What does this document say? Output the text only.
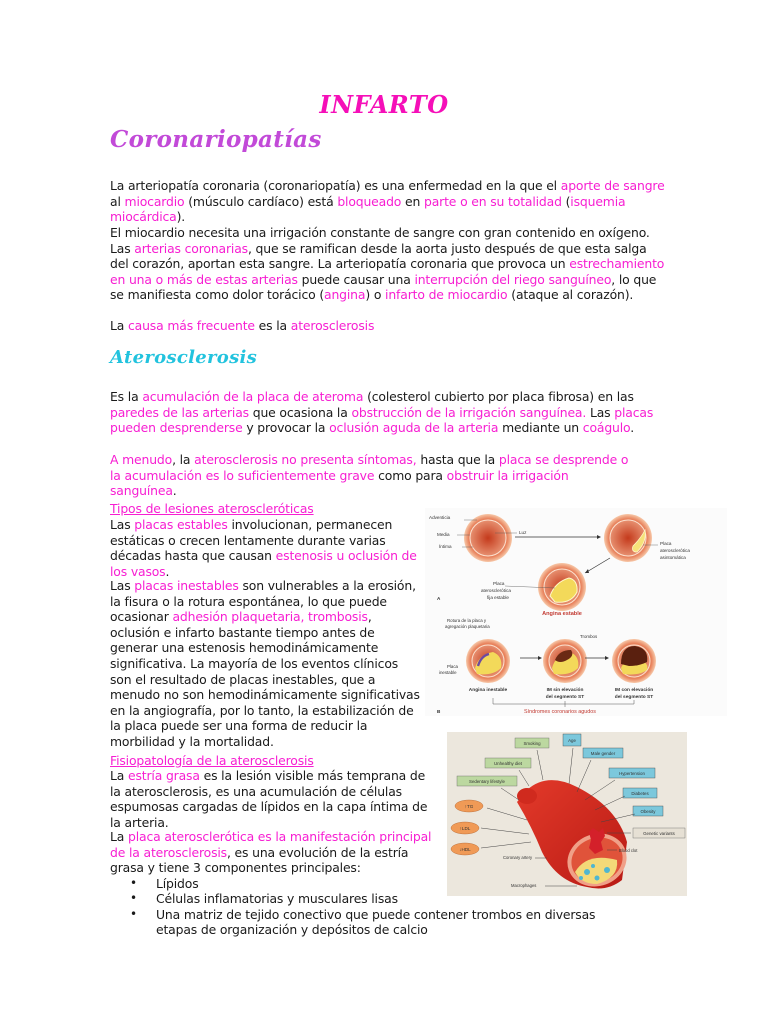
INFARTO
Coronariopatías

La arteriopatía coronaria (coronariopatía) es una enfermedad en la que el aporte de sangre al miocardio (músculo cardíaco) está bloqueado en parte o en su totalidad (isquemia miocárdica).

El miocardio necesita una irrigación constante de sangre con gran contenido en oxígeno. Las arterias coronarias, que se ramifican desde la aorta justo después de que esta salga del corazón, aportan esta sangre. La arteriopatía coronaria que provoca un estrechamiento en una o más de estas arterias puede causar una interrupción del riego sanguíneo, lo que se manifiesta como dolor torácico (angina) o infarto de miocardio (ataque al corazón).

La causa más frecuente es la aterosclerosis

Aterosclerosis

Es la acumulación de la placa de ateroma (colesterol cubierto por placa fibrosa) en las paredes de las arterias que ocasiona la obstrucción de la irrigación sanguínea. Las placas pueden desprenderse y provocar la oclusión aguda de la arteria mediante un coágulo.

A menudo, la aterosclerosis no presenta síntomas, hasta que la placa se desprende o la acumulación es lo suficientemente grave como para obstruir la irrigación sanguínea.

Tipos de lesiones ateroscleróticas

Las placas estables involucionan, permanecen estáticas o crecen lentamente durante varias décadas hasta que causan estenosis u oclusión de los vasos.

Las placas inestables son vulnerables a la erosión, la fisura o la rotura espontánea, lo que puede ocasionar adhesión plaquetaria, trombosis, oclusión e infarto bastante tiempo antes de generar una estenosis hemodinámicamente significativa. La mayoría de los eventos clínicos son el resultado de placas inestables, que a menudo no son hemodinámicamente significativas en la angiografía, por lo tanto, la estabilización de la placa puede ser una forma de reducir la morbilidad y la mortalidad.

Fisiopatología de la aterosclerosis

La estría grasa es la lesión visible más temprana de la aterosclerosis, es una acumulación de células espumosas cargadas de lípidos en la capa íntima de la arteria.

La placa aterosclerótica es la manifestación principal de la aterosclerosis, es una evolución de la estría grasa y tiene 3 componentes principales:

• Lípidos
• Células inflamatorias y musculares lisas
• Una matriz de tejido conectivo que puede contener trombos en diversas etapas de organización y depósitos de calcio
Adventicia
Media
Íntima
Luz
Placa
aterosclerótica
asintomática
Placa
aterosclerótica
fija estable
A
Angina estable
Rotura de la placa y
agregación plaquetaria
Trombos
Placa
inestable
Angina inestable	IM sin elevación
del segmento ST
IM con elevación
del segmento ST
B	Síndromes coronarios agudos
Smoking
Unhealthy diet
Sedentary lifestyle
↑TG
↑LDL
↓HDL
Age
Male gender
Hypertension
Diabetes
Obesity
Genetic variants
Coronary artery
Blood clot
Macrophages
